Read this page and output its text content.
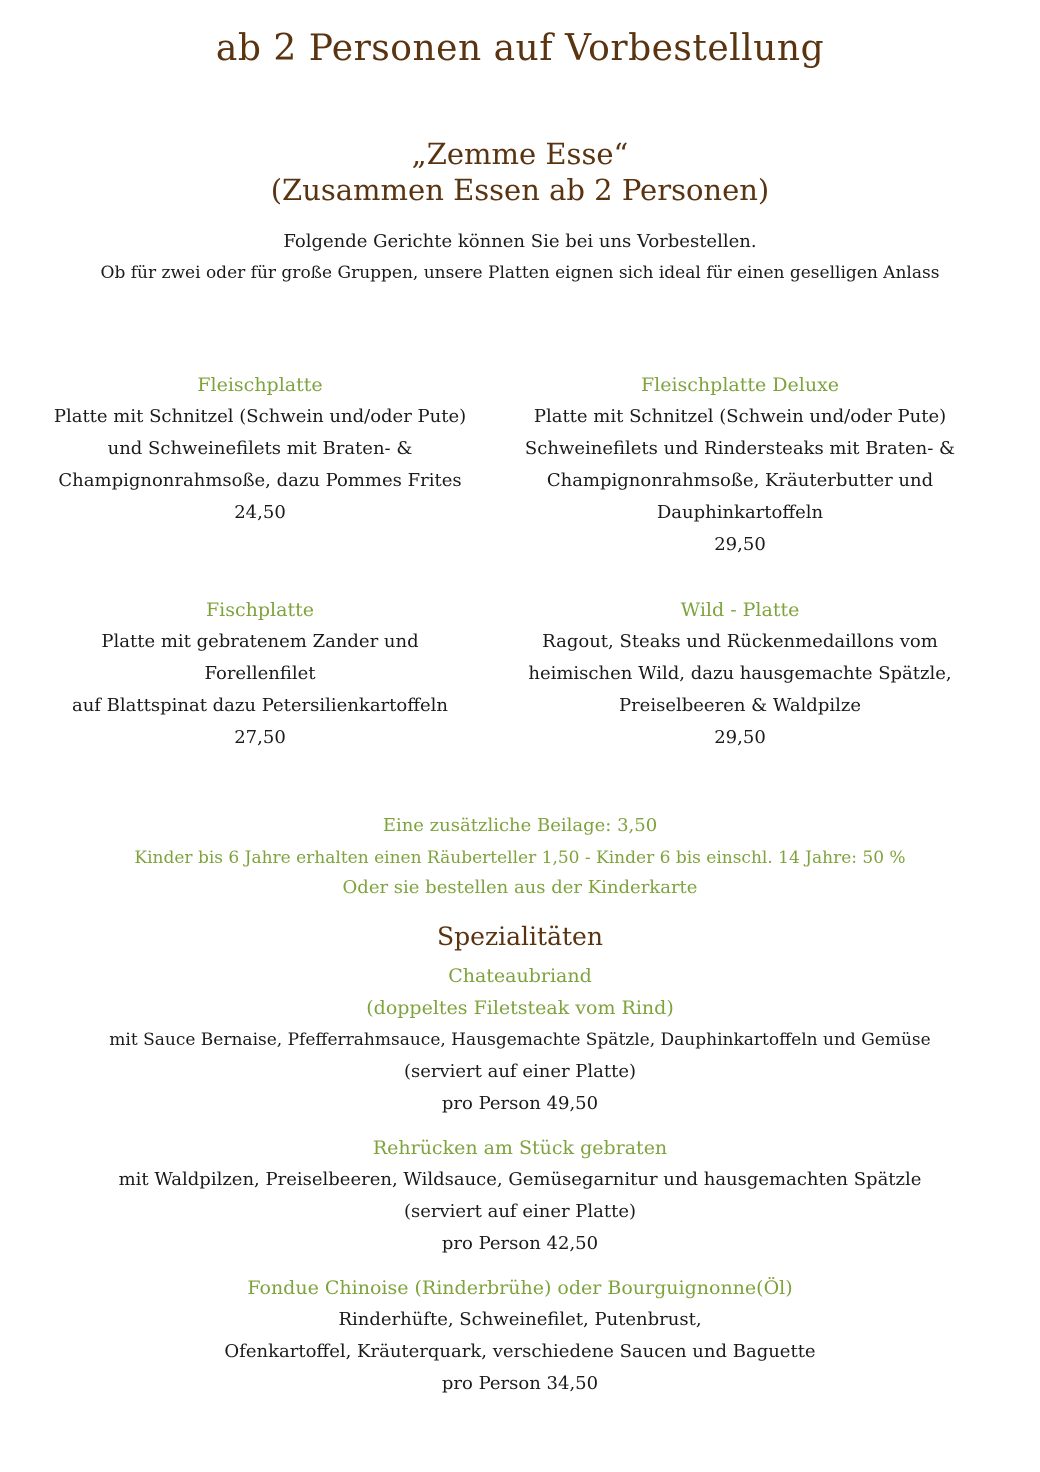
ab 2 Personen auf Vorbestellung
„Zemme Esse“
(Zusammen Essen ab 2 Personen)
Folgende Gerichte können Sie bei uns Vorbestellen.
Ob für zwei oder für große Gruppen, unsere Platten eignen sich ideal für einen geselligen Anlass
Fleischplatte
Platte mit Schnitzel (Schwein und/oder Pute)
und Schweinefilets mit Braten- &
Champignonrahmsoße, dazu Pommes Frites
24,50
Fleischplatte Deluxe
Platte mit Schnitzel (Schwein und/oder Pute)
Schweinefilets und Rindersteaks mit Braten- &
Champignonrahmsoße, Kräuterbutter und
Dauphinkartoffeln
29,50
Fischplatte
Platte mit gebratenem Zander und
Forellenfilet
auf Blattspinat dazu Petersilienkartoffeln
27,50
Wild - Platte
Ragout, Steaks und Rückenmedaillons vom
heimischen Wild, dazu hausgemachte Spätzle,
Preiselbeeren & Waldpilze
29,50
Eine zusätzliche Beilage: 3,50
Kinder bis 6 Jahre erhalten einen Räuberteller 1,50 - Kinder 6 bis einschl. 14 Jahre: 50 %
Oder sie bestellen aus der Kinderkarte
Spezialitäten
Chateaubriand
(doppeltes Filetsteak vom Rind)
mit Sauce Bernaise, Pfefferrahmsauce, Hausgemachte Spätzle, Dauphinkartoffeln und Gemüse
(serviert auf einer Platte)
pro Person 49,50
Rehrücken am Stück gebraten
mit Waldpilzen, Preiselbeeren, Wildsauce, Gemüsegarnitur und hausgemachten Spätzle
(serviert auf einer Platte)
pro Person 42,50
Fondue Chinoise (Rinderbrühe) oder Bourguignonne(Öl)
Rinderhüfte, Schweinefilet, Putenbrust,
Ofenkartoffel, Kräuterquark, verschiedene Saucen und Baguette
pro Person 34,50
